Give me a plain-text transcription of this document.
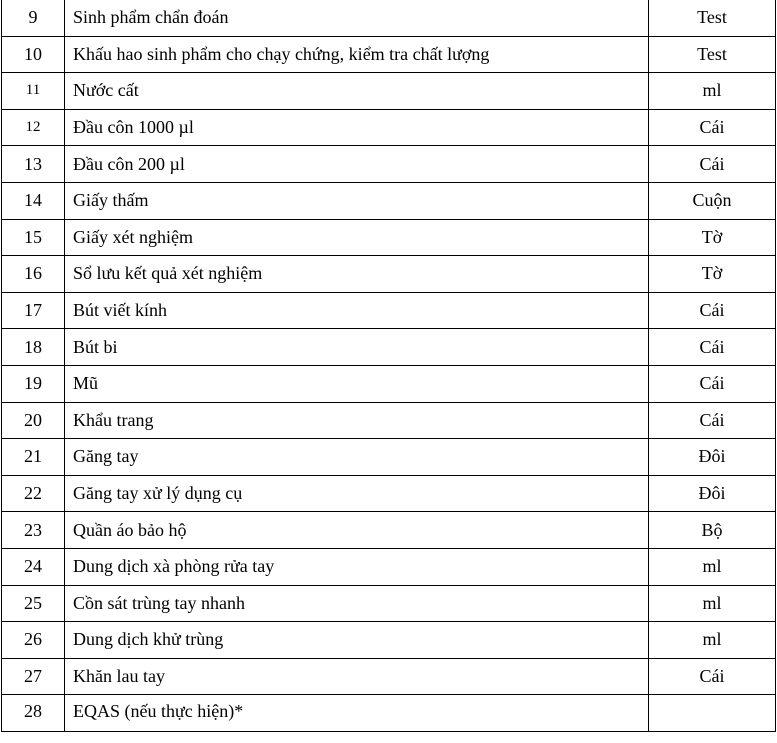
9	Sinh phẩm chẩn đoán	Test
10	Khấu hao sinh phẩm cho chạy chứng, kiểm tra chất lượng	Test
11	Nước cất	ml
12	Đầu côn 1000 µl	Cái
13	Đầu côn 200 µl	Cái
14	Giấy thấm	Cuộn
15	Giấy xét nghiệm	Tờ
16	Sổ lưu kết quả xét nghiệm	Tờ
17	Bút viết kính	Cái
18	Bút bi	Cái
19	Mũ	Cái
20	Khẩu trang	Cái
21	Găng tay	Đôi
22	Găng tay xử lý dụng cụ	Đôi
23	Quần áo bảo hộ	Bộ
24	Dung dịch xà phòng rửa tay	ml
25	Cồn sát trùng tay nhanh	ml
26	Dung dịch khử trùng	ml
27	Khăn lau tay	Cái
28	EQAS (nếu thực hiện)*	
